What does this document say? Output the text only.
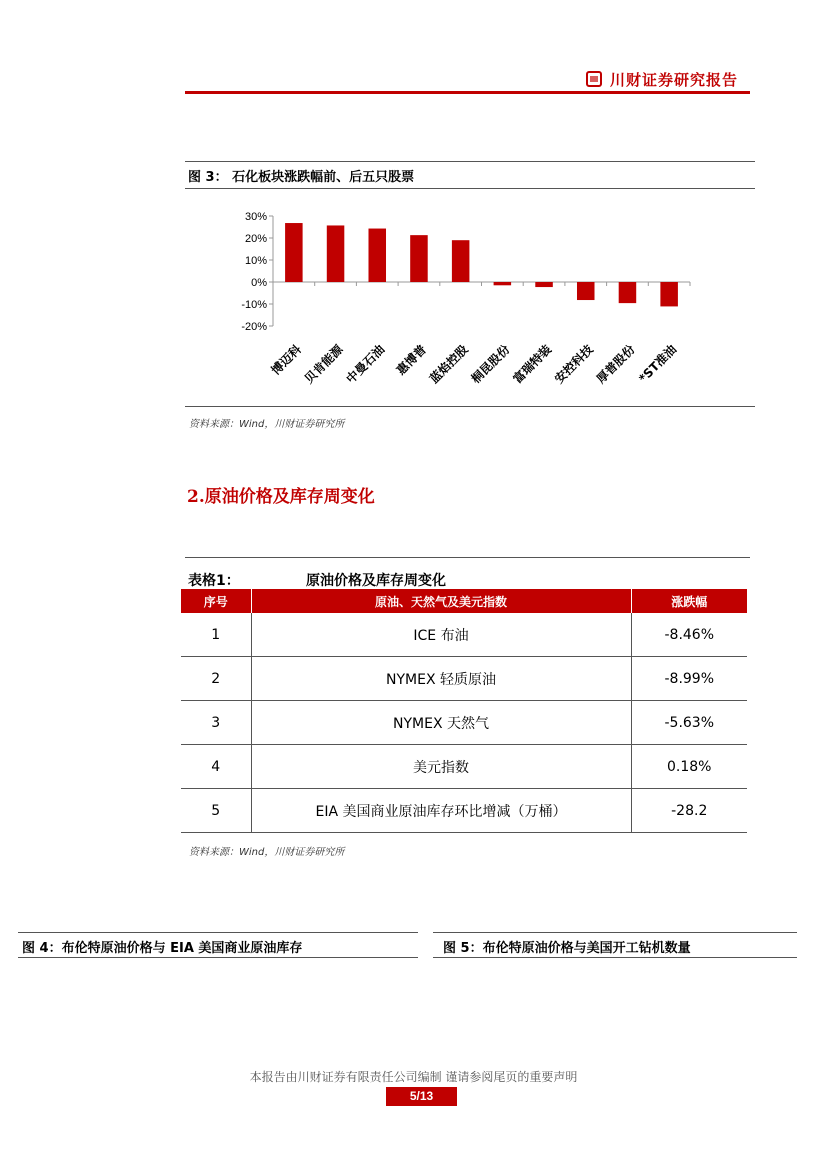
川财证券研究报告
图 3： 石化板块涨跌幅前、后五只股票
30%
20%
10%
0%
-10%
-20%
博迈科
贝肯能源
中曼石油 惠博普
蓝焰控股
桐昆股份
富瑞特装
安控科技
厚普股份
*ST准油
资料来源：Wind，川财证券研究所
2.原油价格及库存周变化
表格1：	原油价格及库存周变化
序号	原油、天然气及美元指数	涨跌幅
1	ICE 布油	-8.46%
2	NYMEX 轻质原油	-8.99%
3	NYMEX 天然气	-5.63%
4	美元指数	0.18%
5	EIA 美国商业原油库存环比增减（万桶）	-28.2
资料来源：Wind，川财证券研究所
图 4：布伦特原油价格与 EIA 美国商业原油库存	图 5：布伦特原油价格与美国开工钻机数量
本报告由川财证券有限责任公司编制 谨请参阅尾页的重要声明
5/13
